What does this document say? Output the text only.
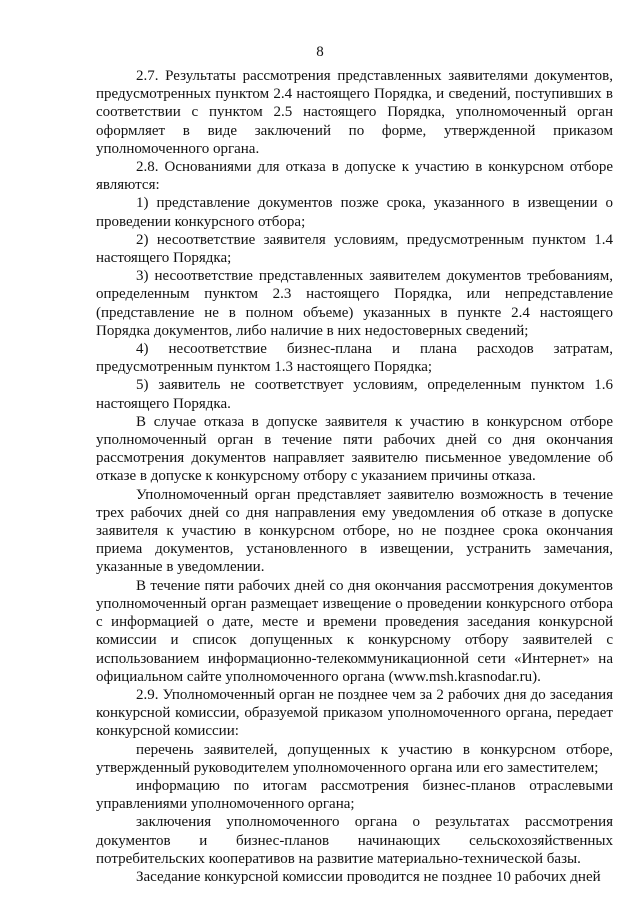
8

2.7. Результаты рассмотрения представленных заявителями документов, предусмотренных пунктом 2.4 настоящего Порядка, и сведений, поступивших в соответствии с пунктом 2.5 настоящего Порядка, уполномоченный орган оформляет в виде заключений по форме, утвержденной приказом уполномоченного органа.

2.8. Основаниями для отказа в допуске к участию в конкурсном отборе являются:

1) представление документов позже срока, указанного в извещении о проведении конкурсного отбора;

2) несоответствие заявителя условиям, предусмотренным пунктом 1.4 настоящего Порядка;

3) несоответствие представленных заявителем документов требованиям, определенным пунктом 2.3 настоящего Порядка, или непредставление (представление не в полном объеме) указанных в пункте 2.4 настоящего Порядка документов, либо наличие в них недостоверных сведений;

4) несоответствие бизнес-плана и плана расходов затратам, предусмотренным пунктом 1.3 настоящего Порядка;

5) заявитель не соответствует условиям, определенным пунктом 1.6 настоящего Порядка.

В случае отказа в допуске заявителя к участию в конкурсном отборе уполномоченный орган в течение пяти рабочих дней со дня окончания рассмотрения документов направляет заявителю письменное уведомление об отказе в допуске к конкурсному отбору с указанием причины отказа.

Уполномоченный орган представляет заявителю возможность в течение трех рабочих дней со дня направления ему уведомления об отказе в допуске заявителя к участию в конкурсном отборе, но не позднее срока окончания приема документов, установленного в извещении, устранить замечания, указанные в уведомлении.

В течение пяти рабочих дней со дня окончания рассмотрения документов уполномоченный орган размещает извещение о проведении конкурсного отбора с информацией о дате, месте и времени проведения заседания конкурсной комиссии и список допущенных к конкурсному отбору заявителей с использованием информационно-телекоммуникационной сети «Интернет» на официальном сайте уполномоченного органа (www.msh.krasnodar.ru).

2.9. Уполномоченный орган не позднее чем за 2 рабочих дня до заседания конкурсной комиссии, образуемой приказом уполномоченного органа, передает конкурсной комиссии:

перечень заявителей, допущенных к участию в конкурсном отборе, утвержденный руководителем уполномоченного органа или его заместителем;

информацию по итогам рассмотрения бизнес-планов отраслевыми управлениями уполномоченного органа;

заключения уполномоченного органа о результатах рассмотрения документов и бизнес-планов начинающих сельскохозяйственных потребительских кооперативов на развитие материально-технической базы.

Заседание конкурсной комиссии проводится не позднее 10 рабочих дней
